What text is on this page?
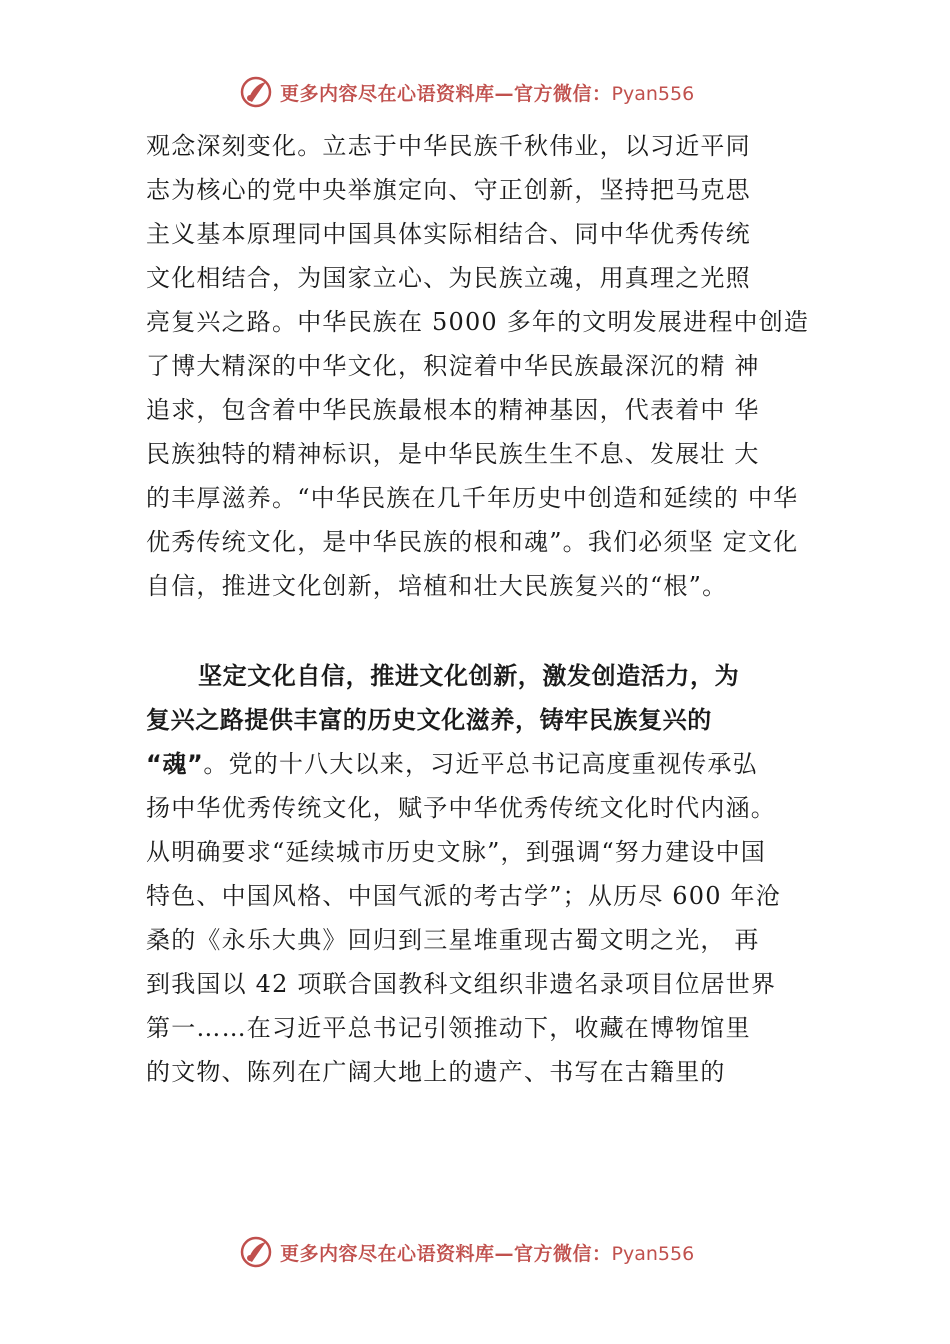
更多内容尽在心语资料库—官方微信：Pyan556
观念深刻变化。立志于中华民族千秋伟业，以习近平同
志为核心的党中央举旗定向、守正创新，坚持把马克思
主义基本原理同中国具体实际相结合、同中华优秀传统
文化相结合，为国家立心、为民族立魂，用真理之光照
亮复兴之路。中华民族在 5000 多年的文明发展进程中创造
了博大精深的中华文化，积淀着中华民族最深沉的精 神
追求，包含着中华民族最根本的精神基因，代表着中 华
民族独特的精神标识，是中华民族生生不息、发展壮 大
的丰厚滋养。“中华民族在几千年历史中创造和延续的 中华
优秀传统文化，是中华民族的根和魂”。我们必须坚 定文化
自信，推进文化创新，培植和壮大民族复兴的“根”。
坚定文化自信，推进文化创新，激发创造活力，为
复兴之路提供丰富的历史文化滋养，铸牢民族复兴的
“魂”。党的十八大以来，习近平总书记高度重视传承弘
扬中华优秀传统文化，赋予中华优秀传统文化时代内涵。
从明确要求“延续城市历史文脉”，到强调“努力建设中国
特色、中国风格、中国气派的考古学”；从历尽 600 年沧
桑的《永乐大典》回归到三星堆重现古蜀文明之光， 再
到我国以 42 项联合国教科文组织非遗名录项目位居世界
第一……在习近平总书记引领推动下，收藏在博物馆里
的文物、陈列在广阔大地上的遗产、书写在古籍里的
更多内容尽在心语资料库—官方微信：Pyan556
